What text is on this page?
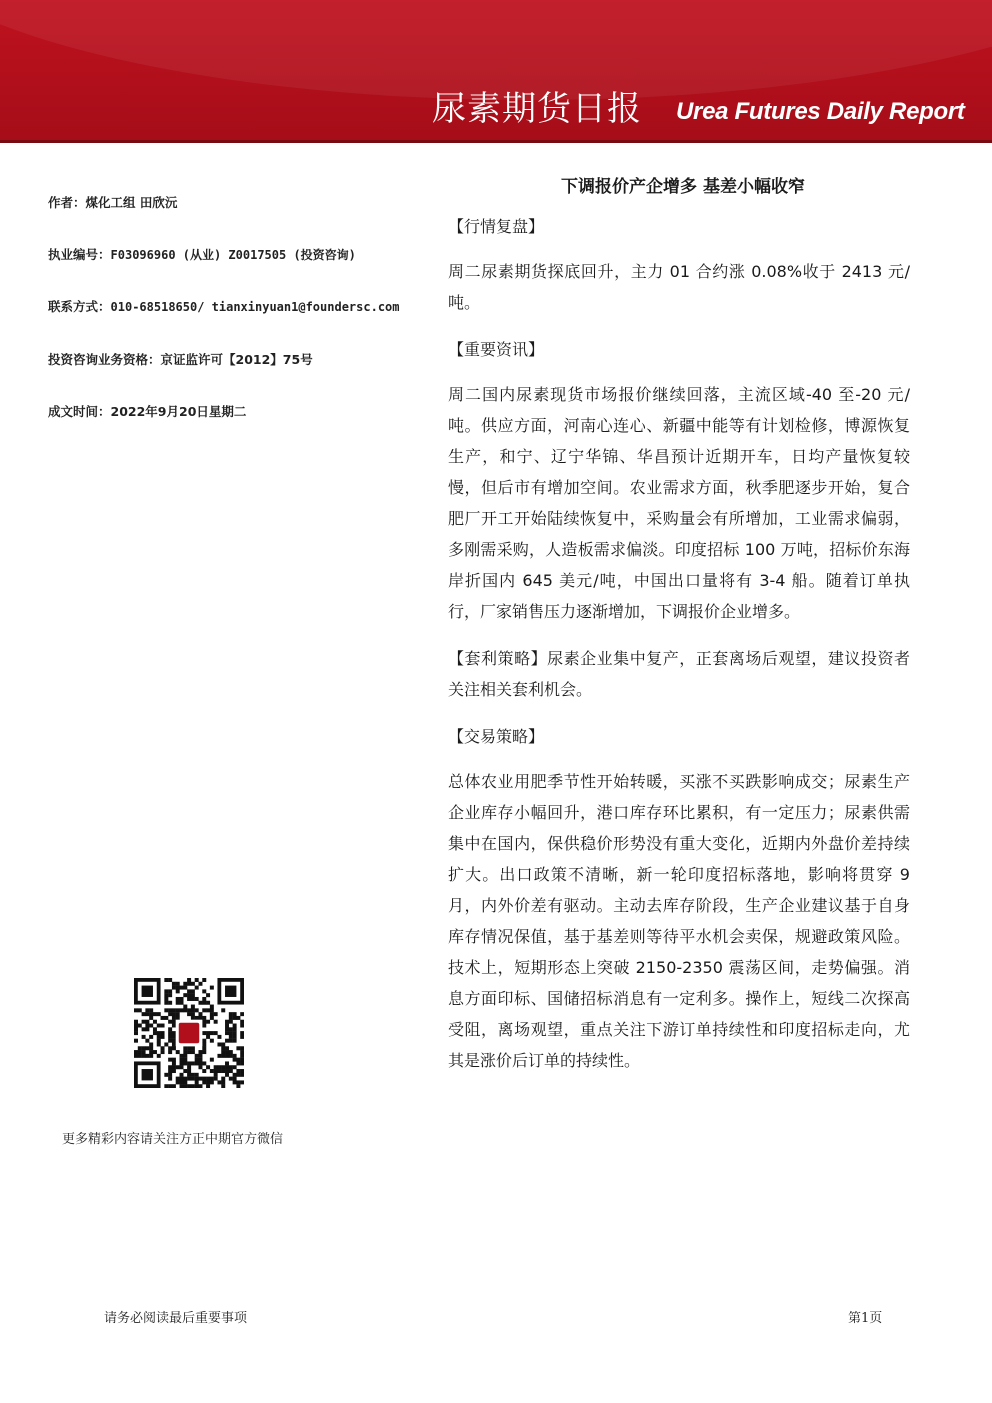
尿素期货日报 Urea Futures Daily Report
作者：煤化工组 田欣沅
执业编号：F03096960 (从业) Z0017505 (投资咨询)
联系方式：010-68518650/ tianxinyuan1@foundersc.com
投资咨询业务资格：京证监许可【2012】75号
成文时间：2022年9月20日星期二
下调报价产企增多 基差小幅收窄

【行情复盘】

周二尿素期货探底回升，主力 01 合约涨 0.08%收于 2413 元/吨。

【重要资讯】

周二国内尿素现货市场报价继续回落，主流区域-40 至-20 元/吨。供应方面，河南心连心、新疆中能等有计划检修，博源恢复生产，和宁、辽宁华锦、华昌预计近期开车，日均产量恢复较慢，但后市有增加空间。农业需求方面，秋季肥逐步开始，复合肥厂开工开始陆续恢复中，采购量会有所增加，工业需求偏弱，多刚需采购，人造板需求偏淡。印度招标 100 万吨，招标价东海岸折国内 645 美元/吨，中国出口量将有 3-4 船。随着订单执行，厂家销售压力逐渐增加，下调报价企业增多。

【套利策略】尿素企业集中复产，正套离场后观望，建议投资者关注相关套利机会。

【交易策略】

总体农业用肥季节性开始转暖，买涨不买跌影响成交；尿素生产企业库存小幅回升，港口库存环比累积，有一定压力；尿素供需集中在国内，保供稳价形势没有重大变化，近期内外盘价差持续扩大。出口政策不清晰，新一轮印度招标落地，影响将贯穿 9 月，内外价差有驱动。主动去库存阶段，生产企业建议基于自身库存情况保值，基于基差则等待平水机会卖保，规避政策风险。技术上，短期形态上突破 2150-2350 震荡区间，走势偏强。消息方面印标、国储招标消息有一定利多。操作上，短线二次探高受阻，离场观望，重点关注下游订单持续性和印度招标走向，尤其是涨价后订单的持续性。

更多精彩内容请关注方正中期官方微信
请务必阅读最后重要事项	第1页
